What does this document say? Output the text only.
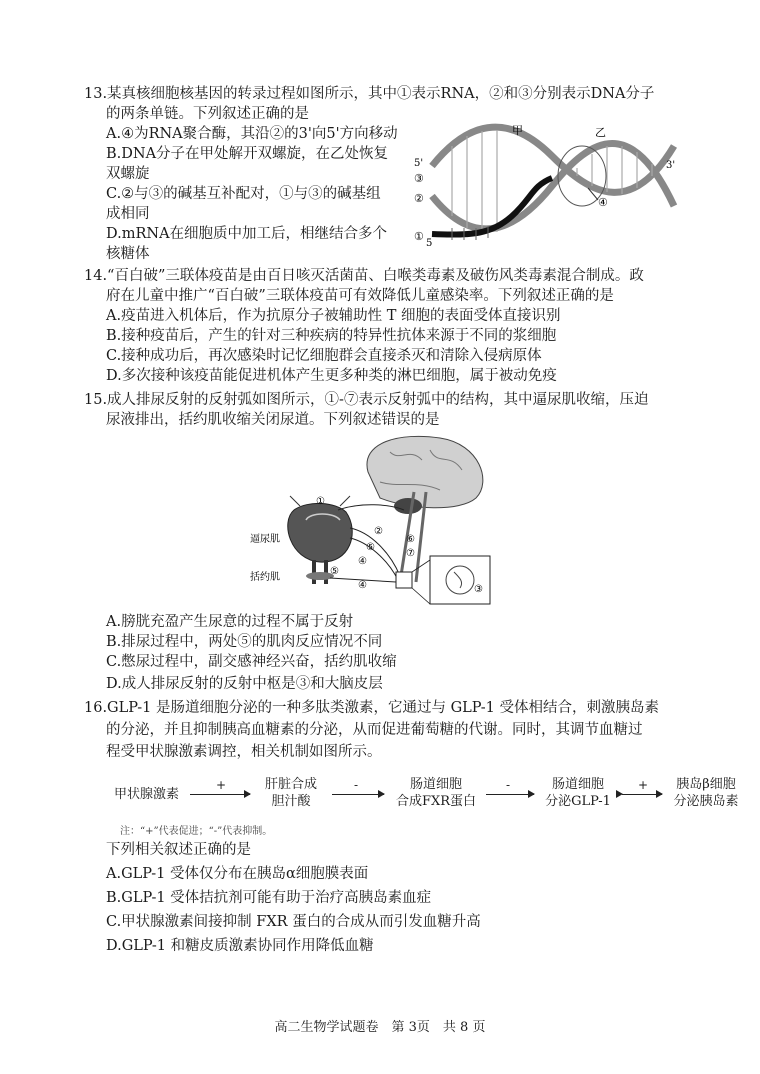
13.某真核细胞核基因的转录过程如图所示，其中①表示RNA，②和③分别表示DNA分子
的两条单链。下列叙述正确的是
A.④为RNA聚合酶，其沿②的3'向5'方向移动
B.DNA分子在甲处解开双螺旋，在乙处恢复
双螺旋
C.②与③的碱基互补配对，①与③的碱基组
成相同
D.mRNA在细胞质中加工后，相继结合多个
核糖体
甲	乙
③
②
①
④
5'	3'
5
14.“百白破”三联体疫苗是由百日咳灭活菌苗、白喉类毒素及破伤风类毒素混合制成。政
府在儿童中推广“百白破”三联体疫苗可有效降低儿童感染率。下列叙述正确的是
A.疫苗进入机体后，作为抗原分子被辅助性 T 细胞的表面受体直接识别
B.接种疫苗后，产生的针对三种疾病的特异性抗体来源于不同的浆细胞
C.接种成功后，再次感染时记忆细胞群会直接杀灭和清除入侵病原体
D.多次接种该疫苗能促进机体产生更多种类的淋巴细胞，属于被动免疫
15.成人排尿反射的反射弧如图所示，①-⑦表示反射弧中的结构，其中逼尿肌收缩，压迫
尿液排出，括约肌收缩关闭尿道。下列叙述错误的是
①
②
③
④
④
⑤
⑤
⑥
⑦
逼尿肌
括约肌
A.膀胱充盈产生尿意的过程不属于反射
B.排尿过程中，两处⑤的肌肉反应情况不同
C.憋尿过程中，副交感神经兴奋，括约肌收缩
D.成人排尿反射的反射中枢是③和大脑皮层
16.GLP-1 是肠道细胞分泌的一种多肽类激素，它通过与 GLP-1 受体相结合，刺激胰岛素
的分泌，并且抑制胰高血糖素的分泌，从而促进葡萄糖的代谢。同时，其调节血糖过
程受甲状腺激素调控，相关机制如图所示。
甲状腺激素
+	肝脏合成
胆汁酸
-	肠道细胞
合成FXR蛋白
-	肠道细胞
分泌GLP-1
+	胰岛β细胞
分泌胰岛素
注：“+”代表促进；“-”代表抑制。
下列相关叙述正确的是
A.GLP-1 受体仅分布在胰岛α细胞膜表面
B.GLP-1 受体拮抗剂可能有助于治疗高胰岛素血症
C.甲状腺激素间接抑制 FXR 蛋白的合成从而引发血糖升高
D.GLP-1 和糖皮质激素协同作用降低血糖
高二生物学试题卷　第 3页　共 8 页
